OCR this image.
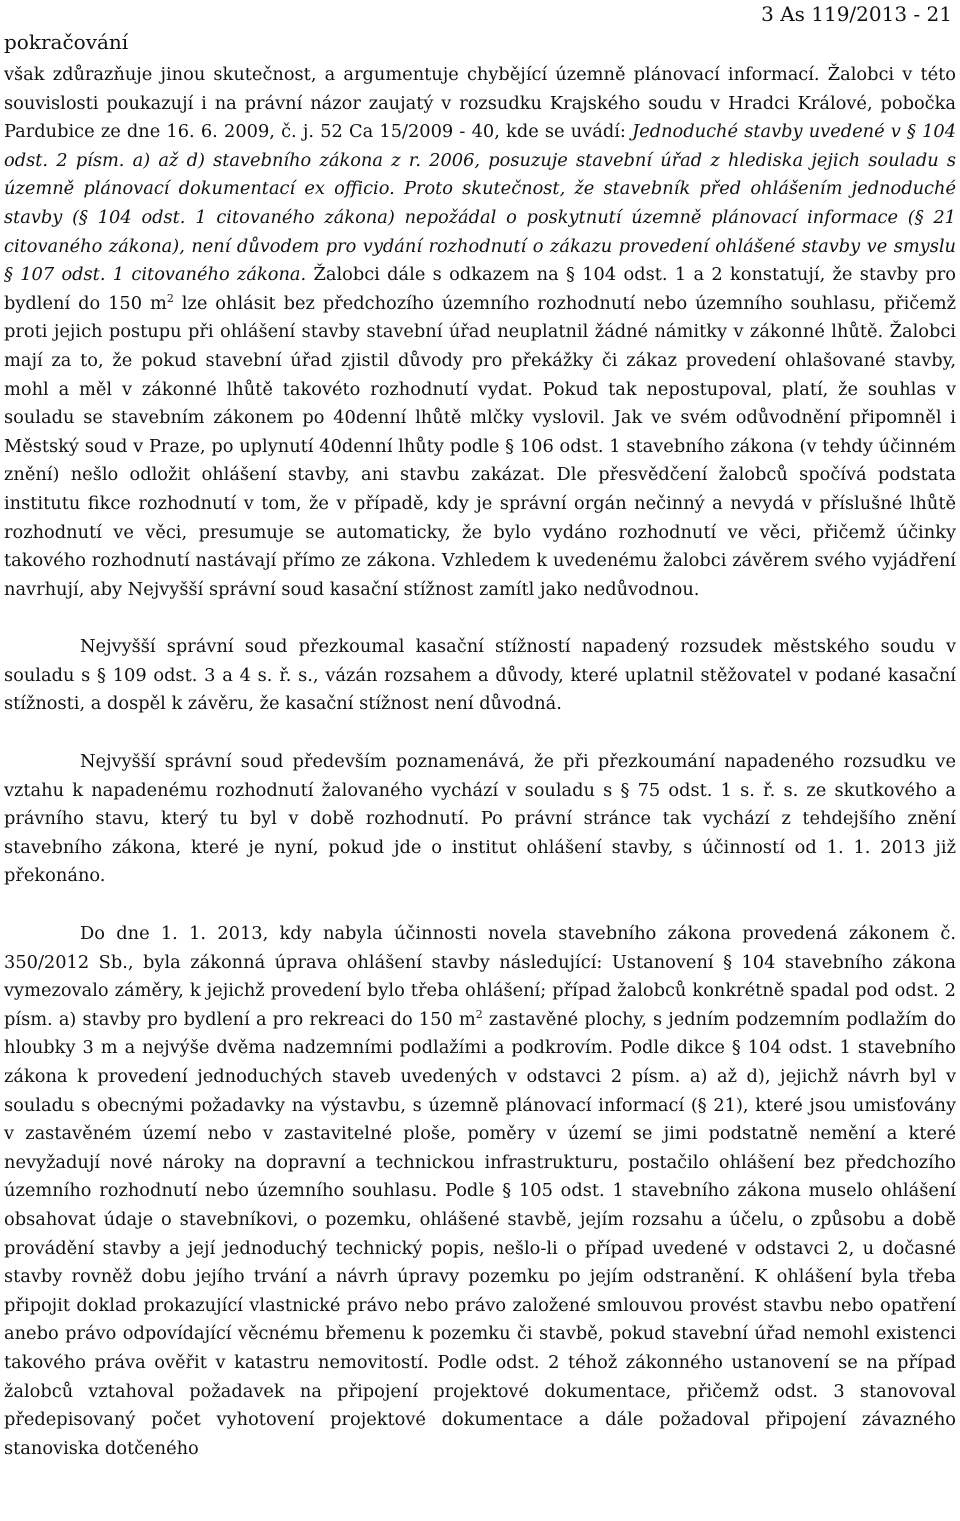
pokračování
3 As 119/2013 - 21

však zdůrazňuje jinou skutečnost, a argumentuje chybějící územně plánovací informací. Žalobci v této souvislosti poukazují i na právní názor zaujatý v rozsudku Krajského soudu v Hradci Králové, pobočka Pardubice ze dne 16. 6. 2009, č. j. 52 Ca 15/2009 - 40, kde se uvádí: Jednoduché stavby uvedené v § 104 odst. 2 písm. a) až d) stavebního zákona z r. 2006, posuzuje stavební úřad z hlediska jejich souladu s územně plánovací dokumentací ex officio. Proto skutečnost, že stavebník před ohlášením jednoduché stavby (§ 104 odst. 1 citovaného zákona) nepožádal o poskytnutí územně plánovací informace (§ 21 citovaného zákona), není důvodem pro vydání rozhodnutí o zákazu provedení ohlášené stavby ve smyslu § 107 odst. 1 citovaného zákona. Žalobci dále s odkazem na § 104 odst. 1 a 2 konstatují, že stavby pro bydlení do 150 $m^2$ lze ohlásit bez předchozího územního rozhodnutí nebo územního souhlasu, přičemž proti jejich postupu při ohlášení stavby stavební úřad neuplatnil žádné námitky v zákonné lhůtě. Žalobci mají za to, že pokud stavební úřad zjistil důvody pro překážky či zákaz provedení ohlašované stavby, mohl a měl v zákonné lhůtě takovéto rozhodnutí vydat. Pokud tak nepostupoval, platí, že souhlas v souladu se stavebním zákonem po 40denní lhůtě mlčky vyslovil. Jak ve svém odůvodnění připomněl i Městský soud v Praze, po uplynutí 40denní lhůty podle § 106 odst. 1 stavebního zákona (v tehdy účinném znění) nešlo odložit ohlášení stavby, ani stavbu zakázat. Dle přesvědčení žalobců spočívá podstata institutu fikce rozhodnutí v tom, že v případě, kdy je správní orgán nečinný a nevydá v příslušné lhůtě rozhodnutí ve věci, presumuje se automaticky, že bylo vydáno rozhodnutí ve věci, přičemž účinky takového rozhodnutí nastávají přímo ze zákona. Vzhledem k uvedenému žalobci závěrem svého vyjádření navrhují, aby Nejvyšší správní soud kasační stížnost zamítl jako nedůvodnou.

Nejvyšší správní soud přezkoumal kasační stížností napadený rozsudek městského soudu v souladu s § 109 odst. 3 a 4 s. ř. s., vázán rozsahem a důvody, které uplatnil stěžovatel v podané kasační stížnosti, a dospěl k závěru, že kasační stížnost není důvodná.

Nejvyšší správní soud především poznamenává, že při přezkoumání napadeného rozsudku ve vztahu k napadenému rozhodnutí žalovaného vychází v souladu s § 75 odst. 1 s. ř. s. ze skutkového a právního stavu, který tu byl v době rozhodnutí. Po právní stránce tak vychází z tehdejšího znění stavebního zákona, které je nyní, pokud jde o institut ohlášení stavby, s účinností od 1. 1. 2013 již překonáno.

Do dne 1. 1. 2013, kdy nabyla účinnosti novela stavebního zákona provedená zákonem č. 350/2012 Sb., byla zákonná úprava ohlášení stavby následující: Ustanovení § 104 stavebního zákona vymezovalo záměry, k jejichž provedení bylo třeba ohlášení; případ žalobců konkrétně spadal pod odst. 2 písm. a) stavby pro bydlení a pro rekreaci do 150 $m^2$ zastavěné plochy, s jedním podzemním podlažím do hloubky 3 m a nejvýše dvěma nadzemními podlažími a podkrovím. Podle dikce § 104 odst. 1 stavebního zákona k provedení jednoduchých staveb uvedených v odstavci 2 písm. a) až d), jejichž návrh byl v souladu s obecnými požadavky na výstavbu, s územně plánovací informací (§ 21), které jsou umisťovány v zastavěném území nebo v zastavitelné ploše, poměry v území se jimi podstatně nemění a které nevyžadují nové nároky na dopravní a technickou infrastrukturu, postačilo ohlášení bez předchozího územního rozhodnutí nebo územního souhlasu. Podle § 105 odst. 1 stavebního zákona muselo ohlášení obsahovat údaje o stavebníkovi, o pozemku, ohlášené stavbě, jejím rozsahu a účelu, o způsobu a době provádění stavby a její jednoduchý technický popis, nešlo-li o případ uvedené v odstavci 2, u dočasné stavby rovněž dobu jejího trvání a návrh úpravy pozemku po jejím odstranění. K ohlášení byla třeba připojit doklad prokazující vlastnické právo nebo právo založené smlouvou provést stavbu nebo opatření anebo právo odpovídající věcnému břemenu k pozemku či stavbě, pokud stavební úřad nemohl existenci takového práva ověřit v katastru nemovitostí. Podle odst. 2 téhož zákonného ustanovení se na případ žalobců vztahoval požadavek na připojení projektové dokumentace, přičemž odst. 3 stanovoval předepisovaný počet vyhotovení projektové dokumentace a dále požadoval připojení závazného stanoviska dotčeného
